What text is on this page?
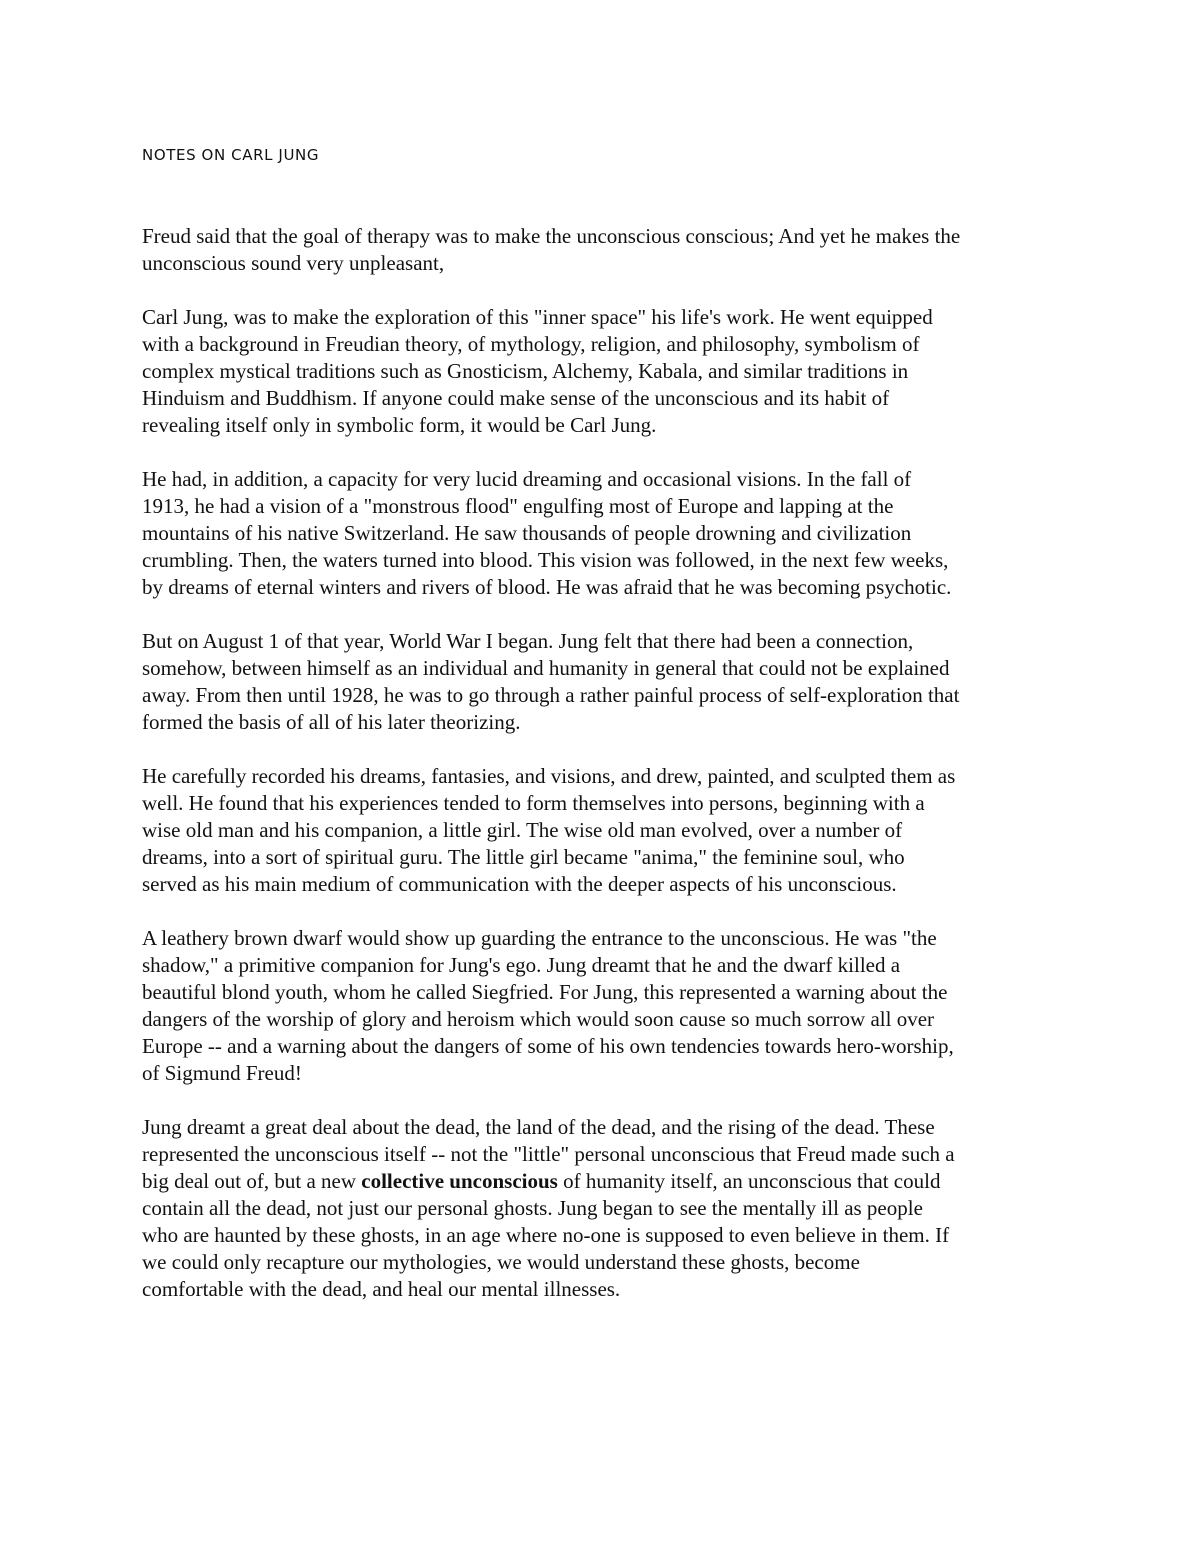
NOTES ON CARL JUNG

Freud said that the goal of therapy was to make the unconscious conscious; And yet he makes the
unconscious sound very unpleasant,

Carl Jung, was to make the exploration of this "inner space" his life's work. He went equipped
with a background in Freudian theory, of mythology, religion, and philosophy, symbolism of
complex mystical traditions such as Gnosticism, Alchemy, Kabala, and similar traditions in
Hinduism and Buddhism. If anyone could make sense of the unconscious and its habit of
revealing itself only in symbolic form, it would be Carl Jung.

He had, in addition, a capacity for very lucid dreaming and occasional visions. In the fall of
1913, he had a vision of a "monstrous flood" engulfing most of Europe and lapping at the
mountains of his native Switzerland. He saw thousands of people drowning and civilization
crumbling. Then, the waters turned into blood. This vision was followed, in the next few weeks,
by dreams of eternal winters and rivers of blood. He was afraid that he was becoming psychotic.

But on August 1 of that year, World War I began. Jung felt that there had been a connection,
somehow, between himself as an individual and humanity in general that could not be explained
away. From then until 1928, he was to go through a rather painful process of self-exploration that
formed the basis of all of his later theorizing.

He carefully recorded his dreams, fantasies, and visions, and drew, painted, and sculpted them as
well. He found that his experiences tended to form themselves into persons, beginning with a
wise old man and his companion, a little girl. The wise old man evolved, over a number of
dreams, into a sort of spiritual guru. The little girl became "anima," the feminine soul, who
served as his main medium of communication with the deeper aspects of his unconscious.

A leathery brown dwarf would show up guarding the entrance to the unconscious. He was "the
shadow," a primitive companion for Jung's ego. Jung dreamt that he and the dwarf killed a
beautiful blond youth, whom he called Siegfried. For Jung, this represented a warning about the
dangers of the worship of glory and heroism which would soon cause so much sorrow all over
Europe -- and a warning about the dangers of some of his own tendencies towards hero-worship,
of Sigmund Freud!

Jung dreamt a great deal about the dead, the land of the dead, and the rising of the dead. These
represented the unconscious itself -- not the "little" personal unconscious that Freud made such a
big deal out of, but a new collective unconscious of humanity itself, an unconscious that could
contain all the dead, not just our personal ghosts. Jung began to see the mentally ill as people
who are haunted by these ghosts, in an age where no-one is supposed to even believe in them. If
we could only recapture our mythologies, we would understand these ghosts, become
comfortable with the dead, and heal our mental illnesses.
